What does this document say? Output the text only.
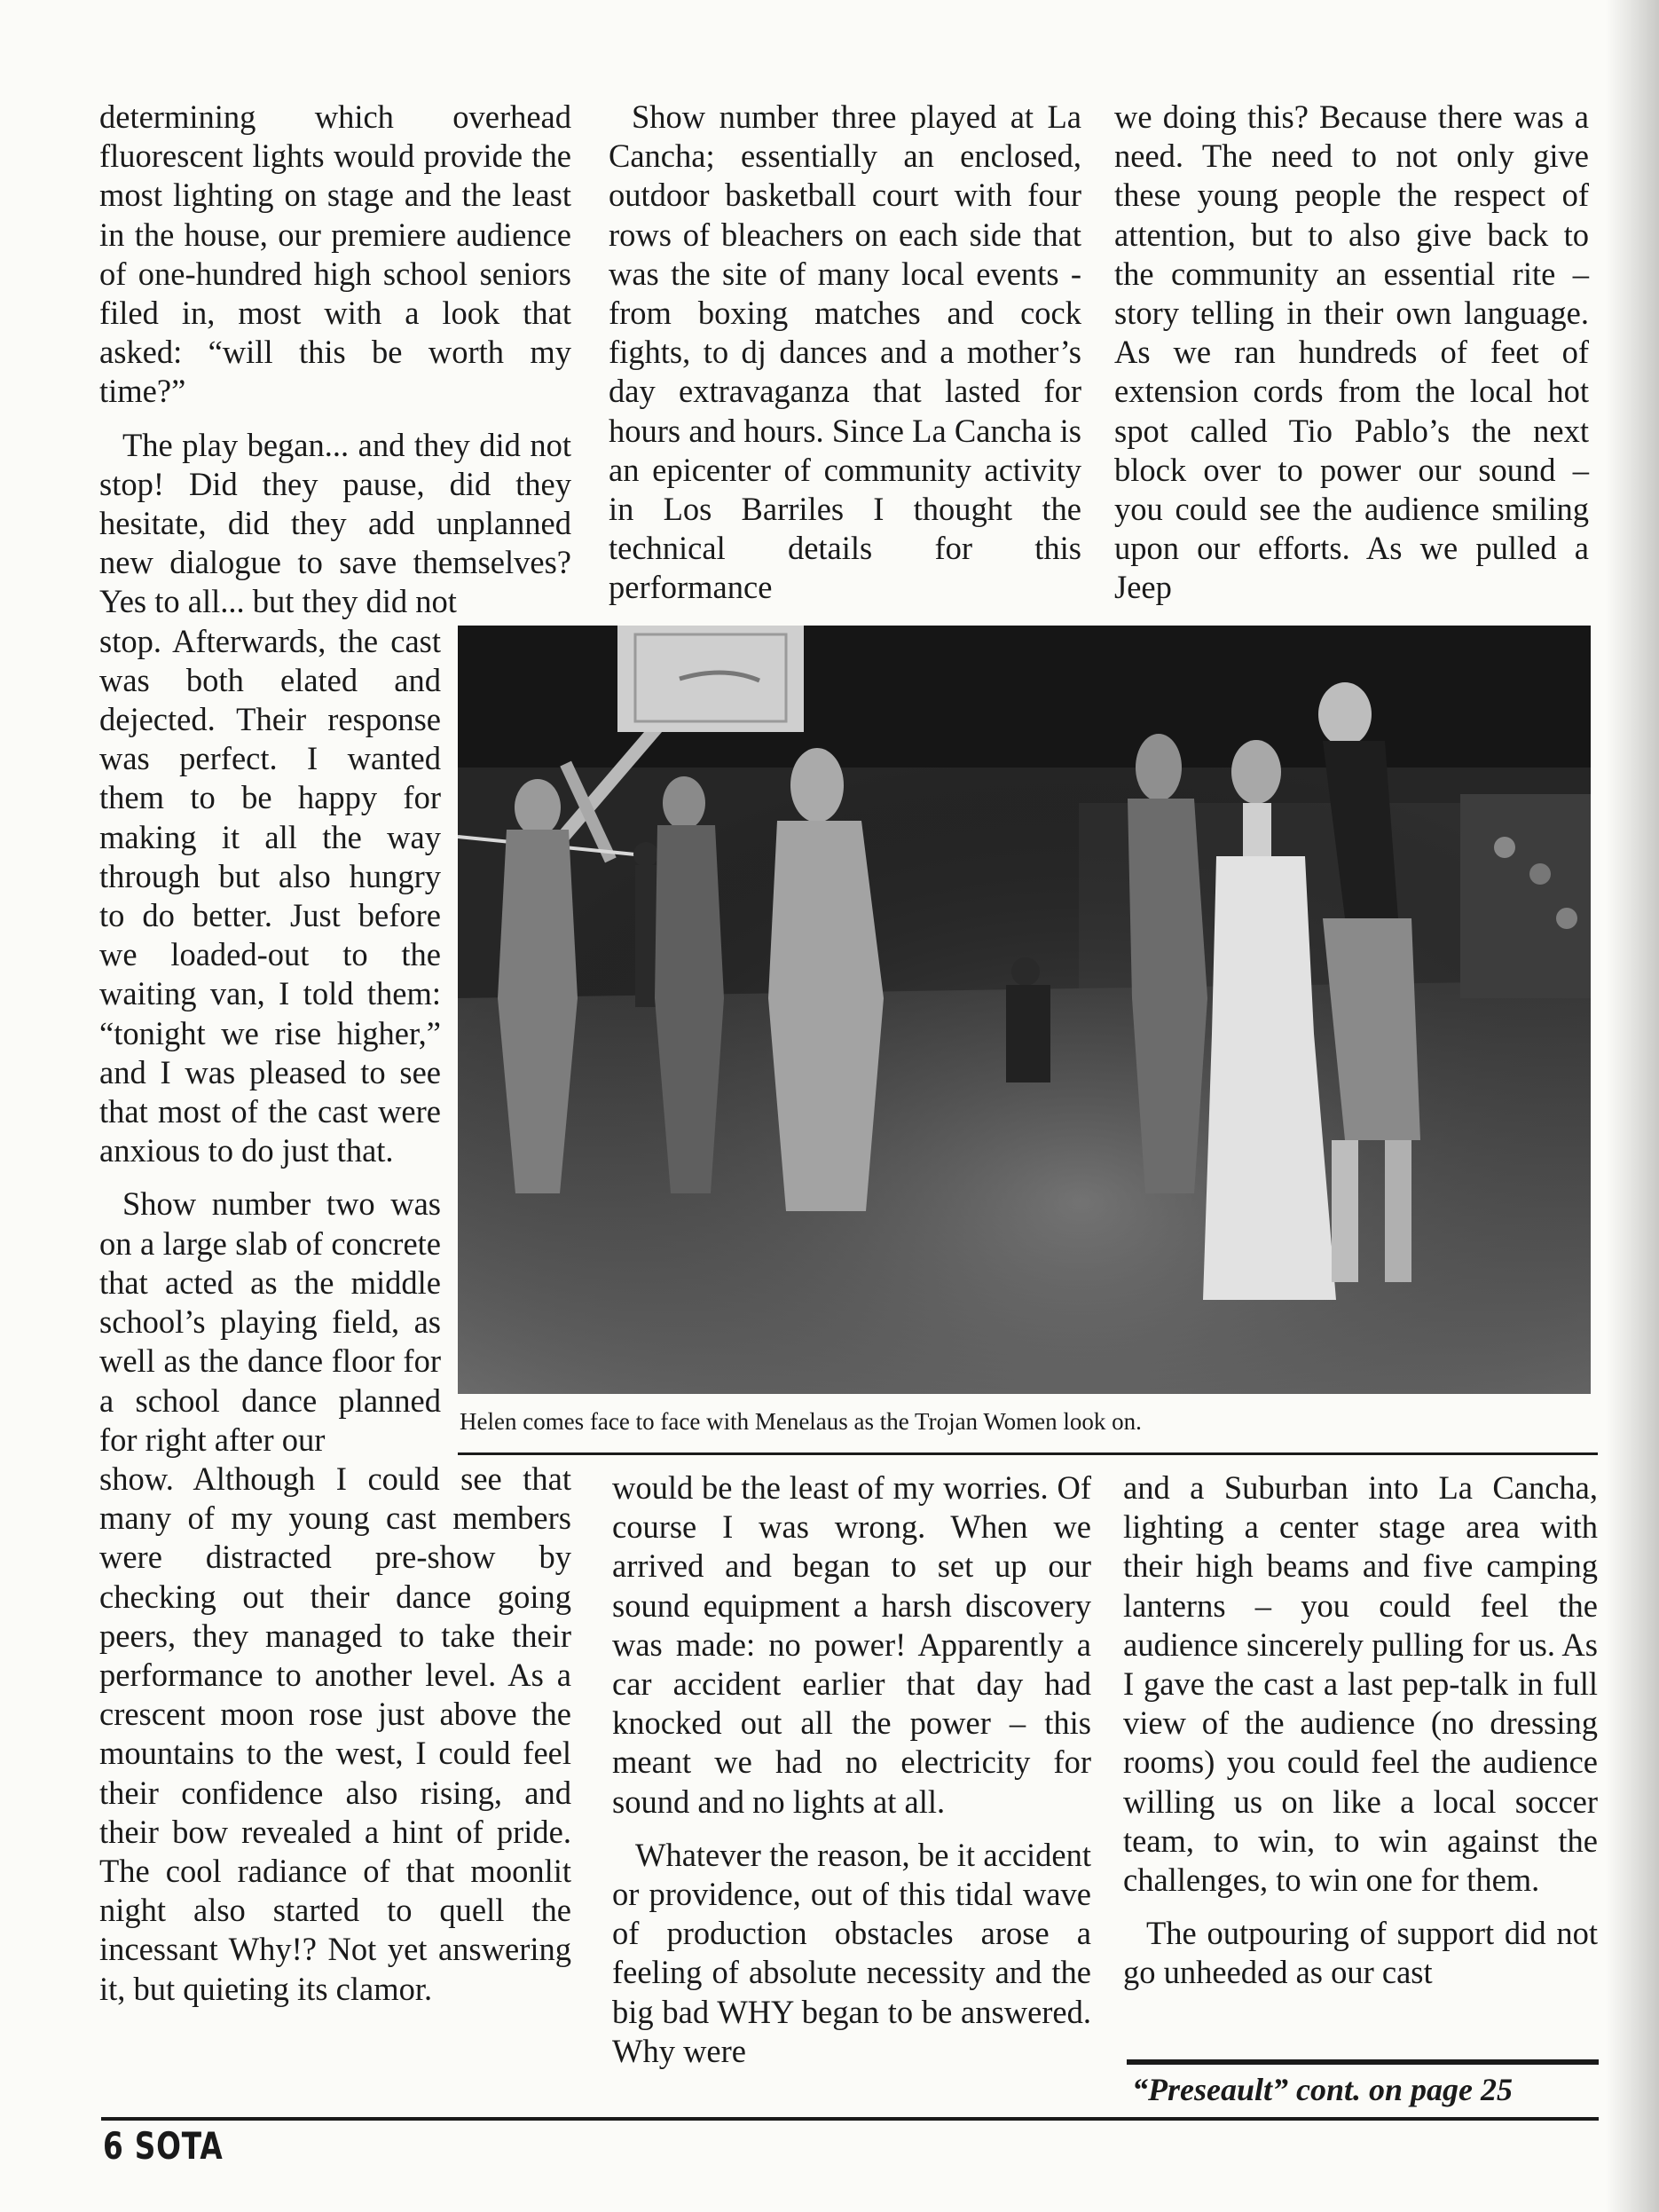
determining which overhead fluorescent lights would provide the most lighting on stage and the least in the house, our premiere audience of one-hundred high school seniors filed in, most with a look that asked: “will this be worth my time?”

The play began... and they did not stop! Did they pause, did they hesitate, did they add unplanned new dialogue to save themselves? Yes to all... but they did not

stop. Afterwards, the cast was both elated and dejected. Their response was perfect. I wanted them to be happy for making it all the way through but also hungry to do better. Just before we loaded-out to the waiting van, I told them: “tonight we rise higher,” and I was pleased to see that most of the cast were anxious to do just that.

Show number two was on a large slab of concrete that acted as the middle school’s playing field, as well as the dance floor for a school dance planned for right after our

show. Although I could see that many of my young cast members were distracted pre-show by checking out their dance going peers, they managed to take their performance to another level. As a crescent moon rose just above the mountains to the west, I could feel their confidence also rising, and their bow revealed a hint of pride. The cool radiance of that moonlit night also started to quell the incessant Why!? Not yet answering it, but quieting its clamor.

Show number three played at La Cancha; essentially an enclosed, outdoor basketball court with four rows of bleachers on each side that was the site of many local events - from boxing matches and cock fights, to dj dances and a mother’s day extravaganza that lasted for hours and hours. Since La Cancha is an epicenter of community activity in Los Barriles I thought the technical details for this performance

we doing this? Because there was a need. The need to not only give these young people the respect of attention, but to also give back to the community an essential rite – story telling in their own language. As we ran hundreds of feet of extension cords from the local hot spot called Tio Pablo’s the next block over to power our sound – you could see the audience smiling upon our efforts. As we pulled a Jeep

Helen comes face to face with Menelaus as the Trojan Women look on.

would be the least of my worries. Of course I was wrong. When we arrived and began to set up our sound equipment a harsh discovery was made: no power! Apparently a car accident earlier that day had knocked out all the power – this meant we had no electricity for sound and no lights at all.

Whatever the reason, be it accident or providence, out of this tidal wave of production obstacles arose a feeling of absolute necessity and the big bad WHY began to be answered. Why were

and a Suburban into La Cancha, lighting a center stage area with their high beams and five camping lanterns – you could feel the audience sincerely pulling for us. As I gave the cast a last pep-talk in full view of the audience (no dressing rooms) you could feel the audience willing us on like a local soccer team, to win, to win against the challenges, to win one for them.

The outpouring of support did not go unheeded as our cast

“Preseault” cont. on page 25
6 SOTA
